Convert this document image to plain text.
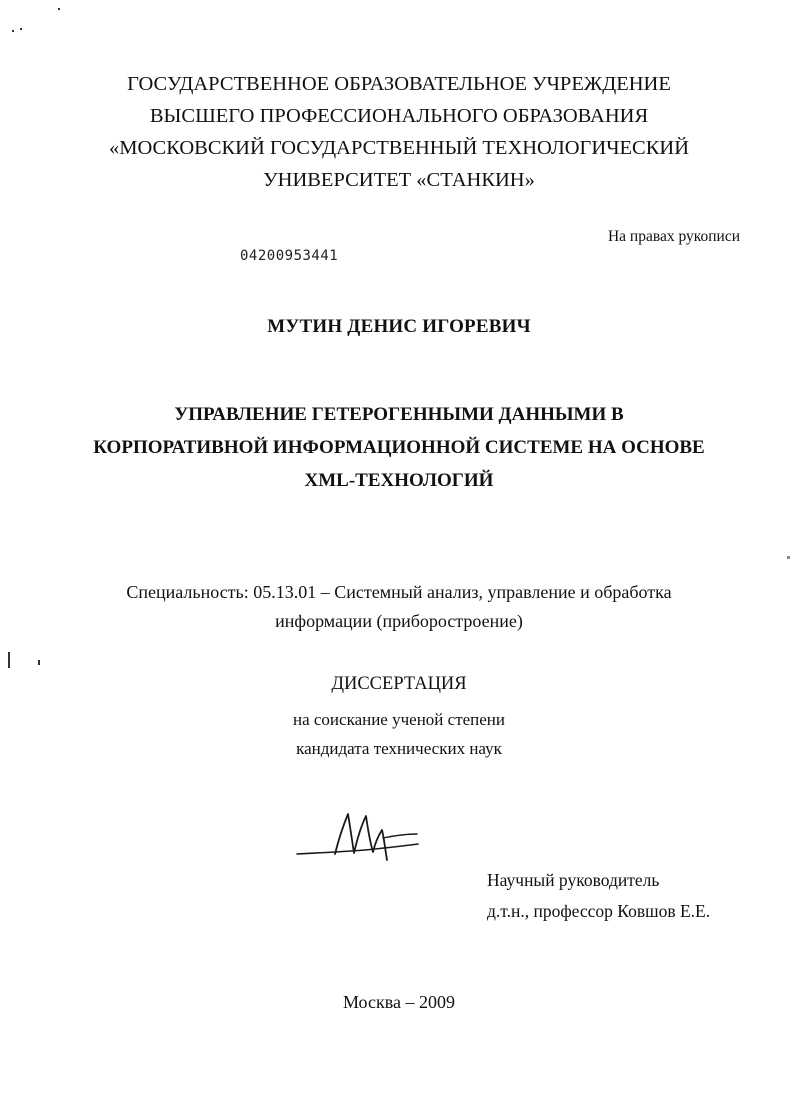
ГОСУДАРСТВЕННОЕ ОБРАЗОВАТЕЛЬНОЕ УЧРЕЖДЕНИЕ
ВЫСШЕГО ПРОФЕССИОНАЛЬНОГО ОБРАЗОВАНИЯ
«МОСКОВСКИЙ ГОСУДАРСТВЕННЫЙ ТЕХНОЛОГИЧЕСКИЙ
УНИВЕРСИТЕТ «СТАНКИН»
На правах рукописи
04200953441
МУТИН ДЕНИС ИГОРЕВИЧ
УПРАВЛЕНИЕ ГЕТЕРОГЕННЫМИ ДАННЫМИ В
КОРПОРАТИВНОЙ ИНФОРМАЦИОННОЙ СИСТЕМЕ НА ОСНОВЕ
XML-ТЕХНОЛОГИЙ
Специальность: 05.13.01 – Системный анализ, управление и обработка
информации (приборостроение)
ДИССЕРТАЦИЯ
на соискание ученой степени
кандидата технических наук
Научный руководитель
д.т.н., профессор Ковшов Е.Е.
Москва – 2009
